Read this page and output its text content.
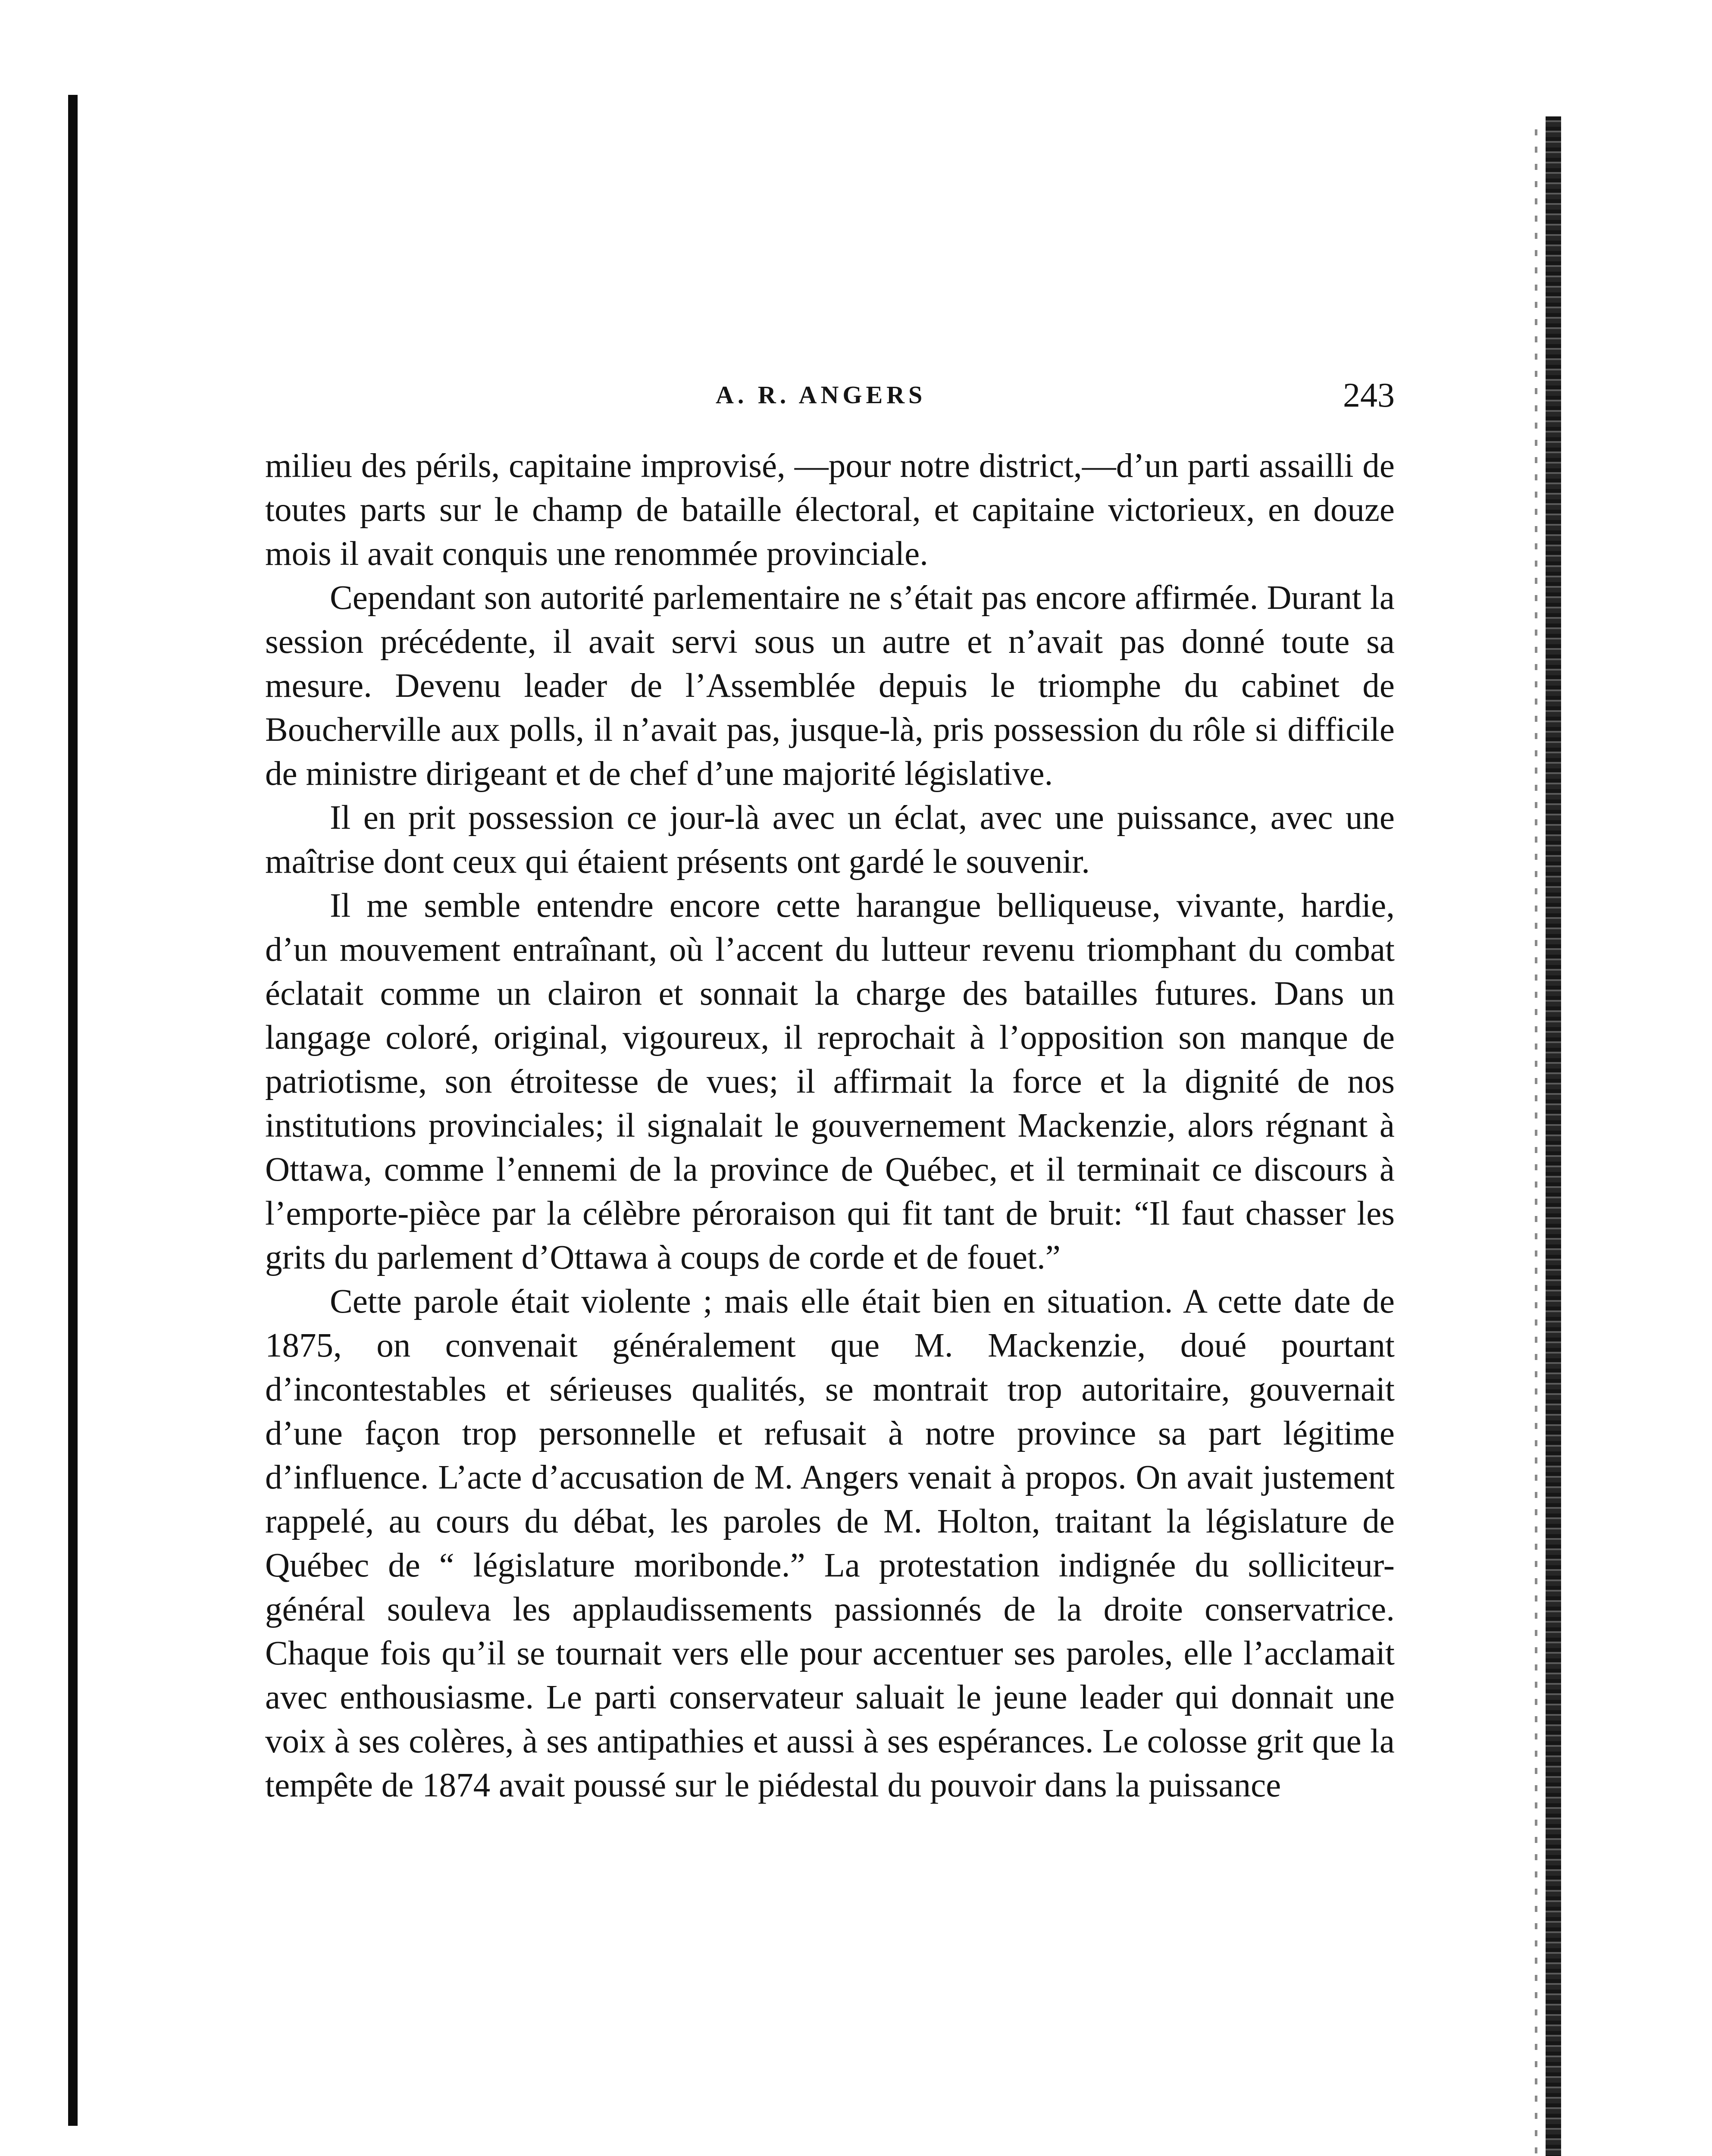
A. R. ANGERS	243

milieu des périls, capitaine improvisé, —pour notre district,—d’un parti assailli de toutes parts sur le champ de bataille électoral, et capitaine victorieux, en douze mois il avait conquis une renommée provinciale.

Cependant son autorité parlementaire ne s’était pas encore affirmée. Durant la session précédente, il avait servi sous un autre et n’avait pas donné toute sa mesure. Devenu leader de l’Assemblée depuis le triomphe du cabinet de Boucherville aux polls, il n’avait pas, jusque-là, pris possession du rôle si difficile de ministre dirigeant et de chef d’une majorité législative.

Il en prit possession ce jour-là avec un éclat, avec une puissance, avec une maîtrise dont ceux qui étaient présents ont gardé le souvenir.

Il me semble entendre encore cette harangue belliqueuse, vivante, hardie, d’un mouvement entraînant, où l’accent du lutteur revenu triomphant du combat éclatait comme un clairon et sonnait la charge des batailles futures. Dans un langage coloré, original, vigoureux, il reprochait à l’opposition son manque de patriotisme, son étroitesse de vues; il affirmait la force et la dignité de nos institutions provinciales; il signalait le gouvernement Mackenzie, alors régnant à Ottawa, comme l’ennemi de la province de Québec, et il terminait ce discours à l’emporte-pièce par la célèbre péroraison qui fit tant de bruit: “Il faut chasser les grits du parlement d’Ottawa à coups de corde et de fouet.”

Cette parole était violente ; mais elle était bien en situation. A cette date de 1875, on convenait généralement que M. Mackenzie, doué pourtant d’incontestables et sérieuses qualités, se montrait trop autoritaire, gouvernait d’une façon trop personnelle et refusait à notre province sa part légitime d’influence. L’acte d’accusation de M. Angers venait à propos. On avait justement rappelé, au cours du débat, les paroles de M. Holton, traitant la législature de Québec de “ législature moribonde.” La protestation indignée du solliciteur-général souleva les applaudissements passionnés de la droite conservatrice. Chaque fois qu’il se tournait vers elle pour accentuer ses paroles, elle l’acclamait avec enthousiasme. Le parti conservateur saluait le jeune leader qui donnait une voix à ses colères, à ses antipathies et aussi à ses espérances. Le colosse grit que la tempête de 1874 avait poussé sur le piédestal du pouvoir dans la puissance
